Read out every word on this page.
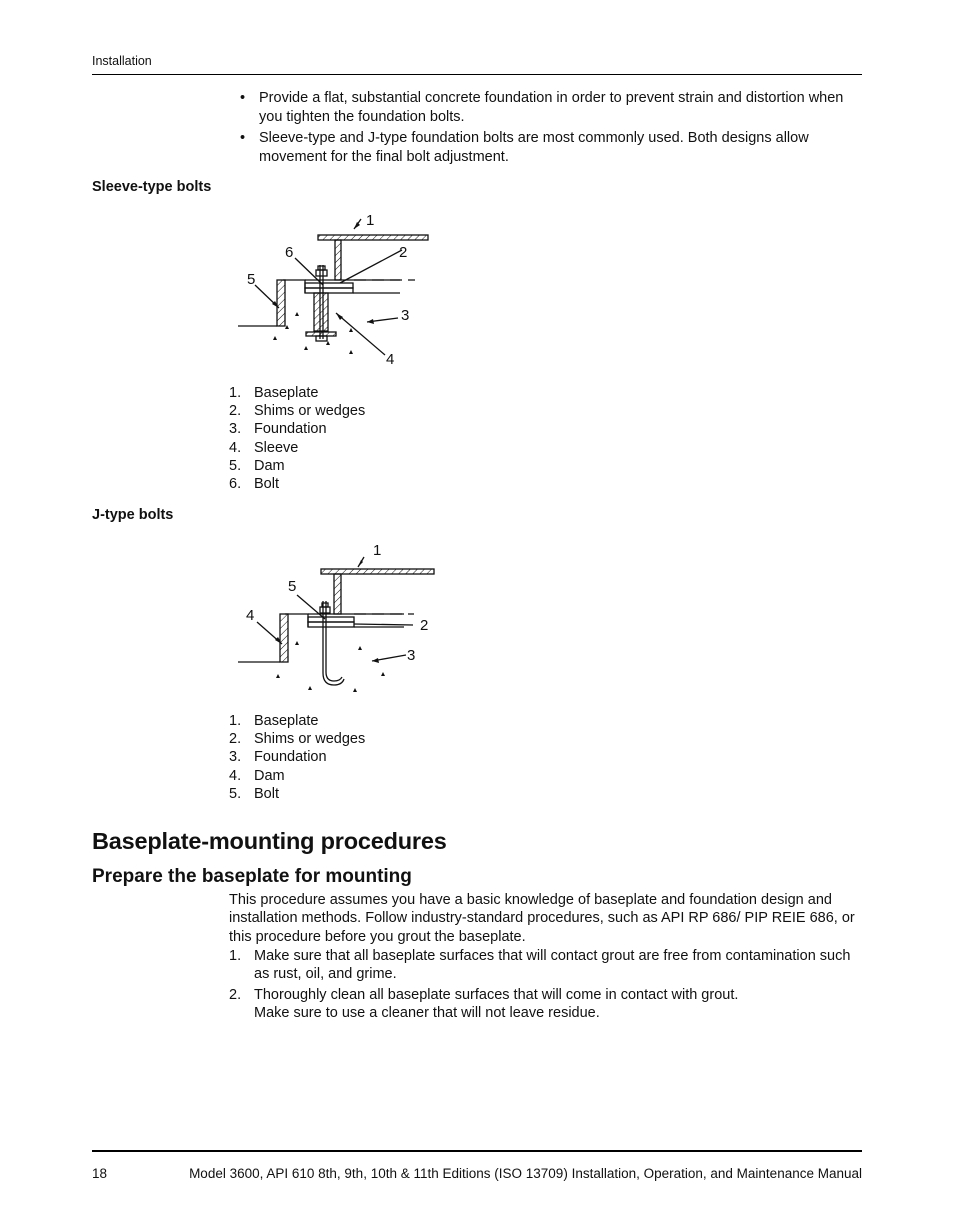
Installation
• Provide a flat, substantial concrete foundation in order to prevent strain and distortion when you tighten the foundation bolts.
• Sleeve-type and J-type foundation bolts are most commonly used. Both designs allow movement for the final bolt adjustment.
Sleeve-type bolts
1
2
3
4
5
6
1. Baseplate
2. Shims or wedges
3. Foundation
4. Sleeve
5. Dam
6. Bolt
J-type bolts
1
2
3
4
5
1. Baseplate
2. Shims or wedges
3. Foundation
4. Dam
5. Bolt
Baseplate-mounting procedures
Prepare the baseplate for mounting
This procedure assumes you have a basic knowledge of baseplate and foundation design and installation methods. Follow industry-standard procedures, such as API RP 686/ PIP REIE 686, or this procedure before you grout the baseplate.
1. Make sure that all baseplate surfaces that will contact grout are free from contamination such as rust, oil, and grime.
2. Thoroughly clean all baseplate surfaces that will come in contact with grout.
Make sure to use a cleaner that will not leave residue.
18	Model 3600, API 610 8th, 9th, 10th & 11th Editions (ISO 13709) Installation, Operation, and Maintenance Manual
